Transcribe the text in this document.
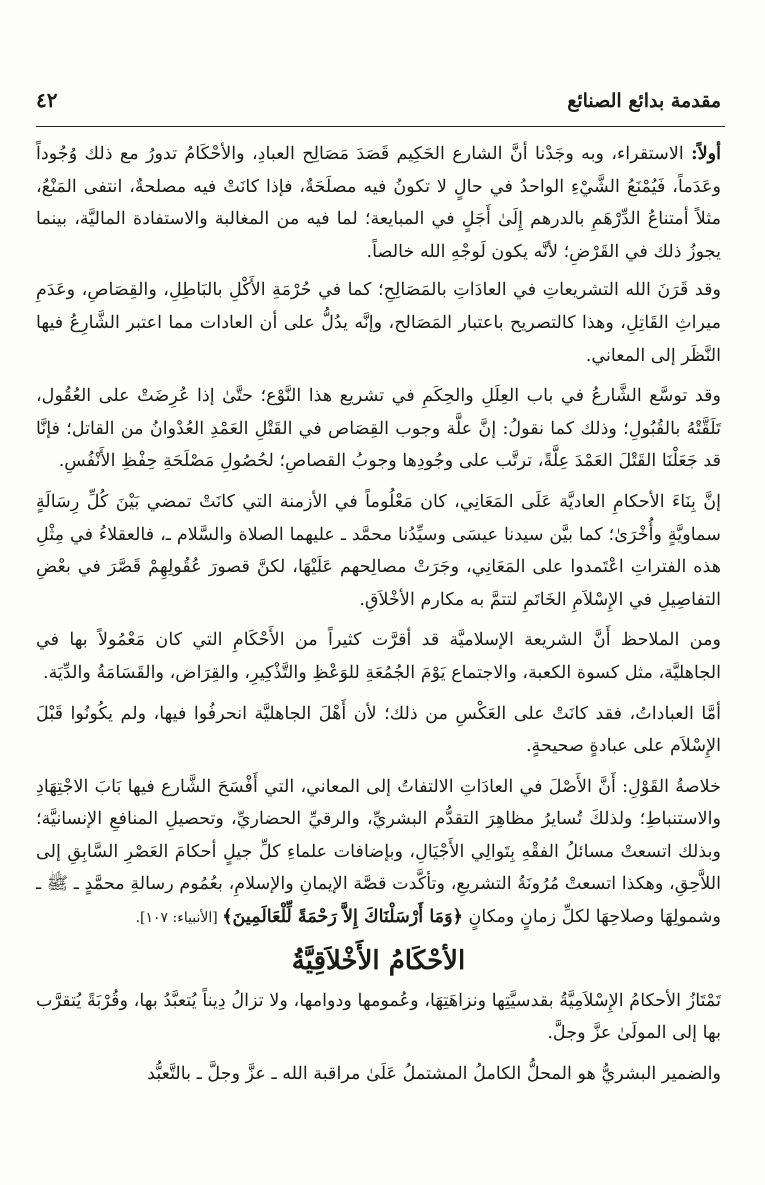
٤٢	مقدمة بدائع الصنائع

أولاً: الاستقراء، وبه وجَدْنا أنَّ الشارع الحَكِيم قَصَدَ مَصَالِح العبادِ، والأحْكَامُ تدورُ مع ذلك وُجُوداً وعَدَماً، فَيُمْنَعُ الشَّيْءِ الواحدُ في حالٍ لا تكونُ فيه مصلَحَةٌ، فإذا كانَتْ فيه مصلحةٌ، انتفى المَنْعُ، مثلاً أمتناعُ الدِّرْهَمِ بالدرهم إِلَىٰ أَجَلٍ في المبايعة؛ لما فيه من المغالبة والاستفادة الماليَّة، بينما يجوزُ ذلك في القَرْضِ؛ لأنَّه يكون لَوجْهِ الله خالصاً.

وقد قَرَنَ الله التشريعاتِ في العادَاتِ بالمَصَالِحِ؛ كما في حُرْمَةِ الأَكْلِ بالبَاطِلِ، والقِصَاصِ، وعَدَمِ ميراثِ القَاتِلِ، وهذا كالتصريح باعتبار المَصَالح، وإنَّه يدُلُّ على أن العادات مما اعتبر الشَّارِعُ فيها النَّظَر إلى المعاني.

وقد توسَّع الشَّارعُ في باب العِلَلِ والحِكَمِ في تشريع هذا النَّوْع؛ حتَّىٰ إذا عُرِضَتْ على العُقُول، تَلَقَّتْهُ بالقُبُولِ؛ وذلك كما نقولُ: إنَّ علَّة وجوب القِصَاص في القَتْلِ العَمْدِ العُدْوانُ من القاتل؛ فإنَّا قد جَعَلْنَا القَتْلَ العَمْدَ عِلَّةً، ترتَّب على وجُودِها وجوبُ القصاصِ؛ لحُصُولِ مَصْلَحَةِ حِفْظِ الأَنْفُسِ.

إنَّ بِنَاءَ الأحكامِ العاديَّة عَلَى المَعَانِي، كان مَعْلُوماً في الأزمنة التي كانَتْ تمضي بَيْنَ كُلِّ رِسَالَةٍ سماويَّةٍ وأُخْرَىٰ؛ كما بيَّن سيدنا عيسَى وسيِّدُنا محمَّد ـ عليهما الصلاة والسَّلام ـ، فالعقلاءُ في مِثْلِ هذه الفتراتِ اعْتَمدوا على المَعَانِي، وجَرَتْ مصالِحهم عَلَيْهَا، لكنَّ قصورَ عُقُولِهِمْ قَصَّرَ في بعْضِ التفاصِيلِ في الإِسْلاَمِ الخَاتَمِ لتتمَّ به مكارم الأخْلاَقِ.

ومن الملاحظ أَنَّ الشريعة الإسلاميَّة قد أقرَّت كثيراً من الأَحْكَامِ التي كان مَعْمُولاً بها في الجاهليَّة، مثل كسوة الكعبة، والاجتماع يَوْمَ الجُمُعَةِ للوَعْظِ والتَّذْكِيرِ، والقِرَاض، والقَسَامَةُ والدِّيَة.

أمَّا العباداتُ، فقد كانَتْ على العَكْسِ من ذلك؛ لأن أَهْلَ الجاهليَّة انحرفُوا فيها، ولم يكُونُوا قَبْلَ الإِسْلاَم على عبادةٍ صحيحةٍ.

خلاصةُ القَوْلِ: أَنَّ الأَصْلَ في العادَاتِ الالتفاتُ إلى المعاني، التي أَفْسَحَ الشَّارع فيها بَابَ الاجْتِهَادِ والاستنباطِ؛ ولذلكَ تُسايرُ مظاهِرَ التقدُّم البشريِّ، والرقيِّ الحضاريِّ، وتحصيلِ المنافعِ الإنسانيَّة؛ وبذلك اتسعتْ مسائلُ الفقْهِ بِتَوالِي الأَجْيَالِ، وبإضافات علماءِ كلِّ جيلٍ أحكامَ العَصْرِ السَّابِقِ إلى اللاَّحِقِ، وهكذا اتسعتْ مُرُونَةُ التشريعِ، وتأكَّدت قصَّة الإيمانِ والإسلامِ، بعُمُوم رسالةِ محمَّدٍ ـ ﷺ ـ وشمولِهَا وصلاحِهَا لكلِّ زمانٍ ومكانٍ ﴿وَمَا أَرْسَلْنَاكَ إِلاَّ رَحْمَةً لِّلْعَالَمِينَ﴾ [الأنبياء: ١٠٧].

الأحْكَامُ الأَخْلاَقِيَّةُ

تَمْتَازُ الأحكامُ الإِسْلاَمِيَّةُ بقدسيَّتِها ونزاهَتِهَا، وعُمومها ودوامها، ولا تزالُ دِيناً يُتعبَّدُ بها، وقُرْبَةً يُتقرَّب بها إلى المولَىٰ عزَّ وجلَّ.

والضمير البشريُّ هو المحلُّ الكاملُ المشتملُ عَلَىٰ مراقبة الله ـ عزَّ وجلَّ ـ بالتَّعبُّد
